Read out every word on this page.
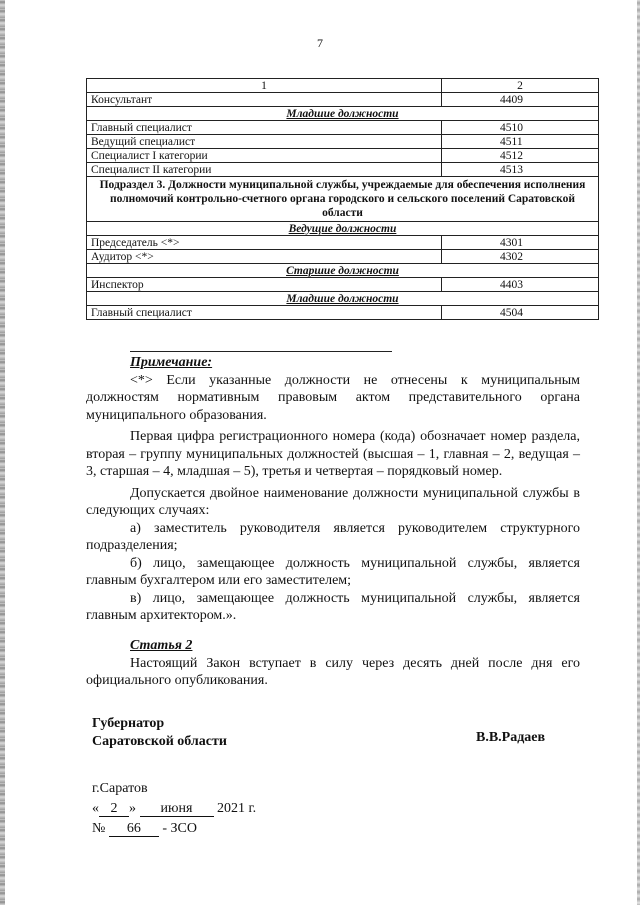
7
1	2
Консультант	4409
Младшие должности	
Главный специалист	4510
Ведущий специалист	4511
Специалист I категории	4512
Специалист II категории	4513
Подраздел 3. Должности муниципальной службы, учреждаемые для обеспечения исполнения полномочий контрольно-счетного органа городского и сельского поселений Саратовской области	
Ведущие должности	
Председатель <*>	4301
Аудитор <*>	4302
Старшие должности	
Инспектор	4403
Младшие должности	
Главный специалист	4504

Примечание:

<*> Если указанные должности не отнесены к муниципальным должностям нормативным правовым актом представительного органа муниципального образования.

Первая цифра регистрационного номера (кода) обозначает номер раздела, вторая – группу муниципальных должностей (высшая – 1, главная – 2, ведущая – 3, старшая – 4, младшая – 5), третья и четвертая – порядковый номер.

Допускается двойное наименование должности муниципальной службы в следующих случаях:

а) заместитель руководителя является руководителем структурного подразделения;

б) лицо, замещающее должность муниципальной службы, является главным бухгалтером или его заместителем;

в) лицо, замещающее должность муниципальной службы, является главным архитектором.».

Статья 2

Настоящий Закон вступает в силу через десять дней после дня его официального опубликования.

Губернатор
Саратовской области	В.В.Радаев
г.Саратов
« 2 » июня 2021 г.
№ 66 - ЗСО
